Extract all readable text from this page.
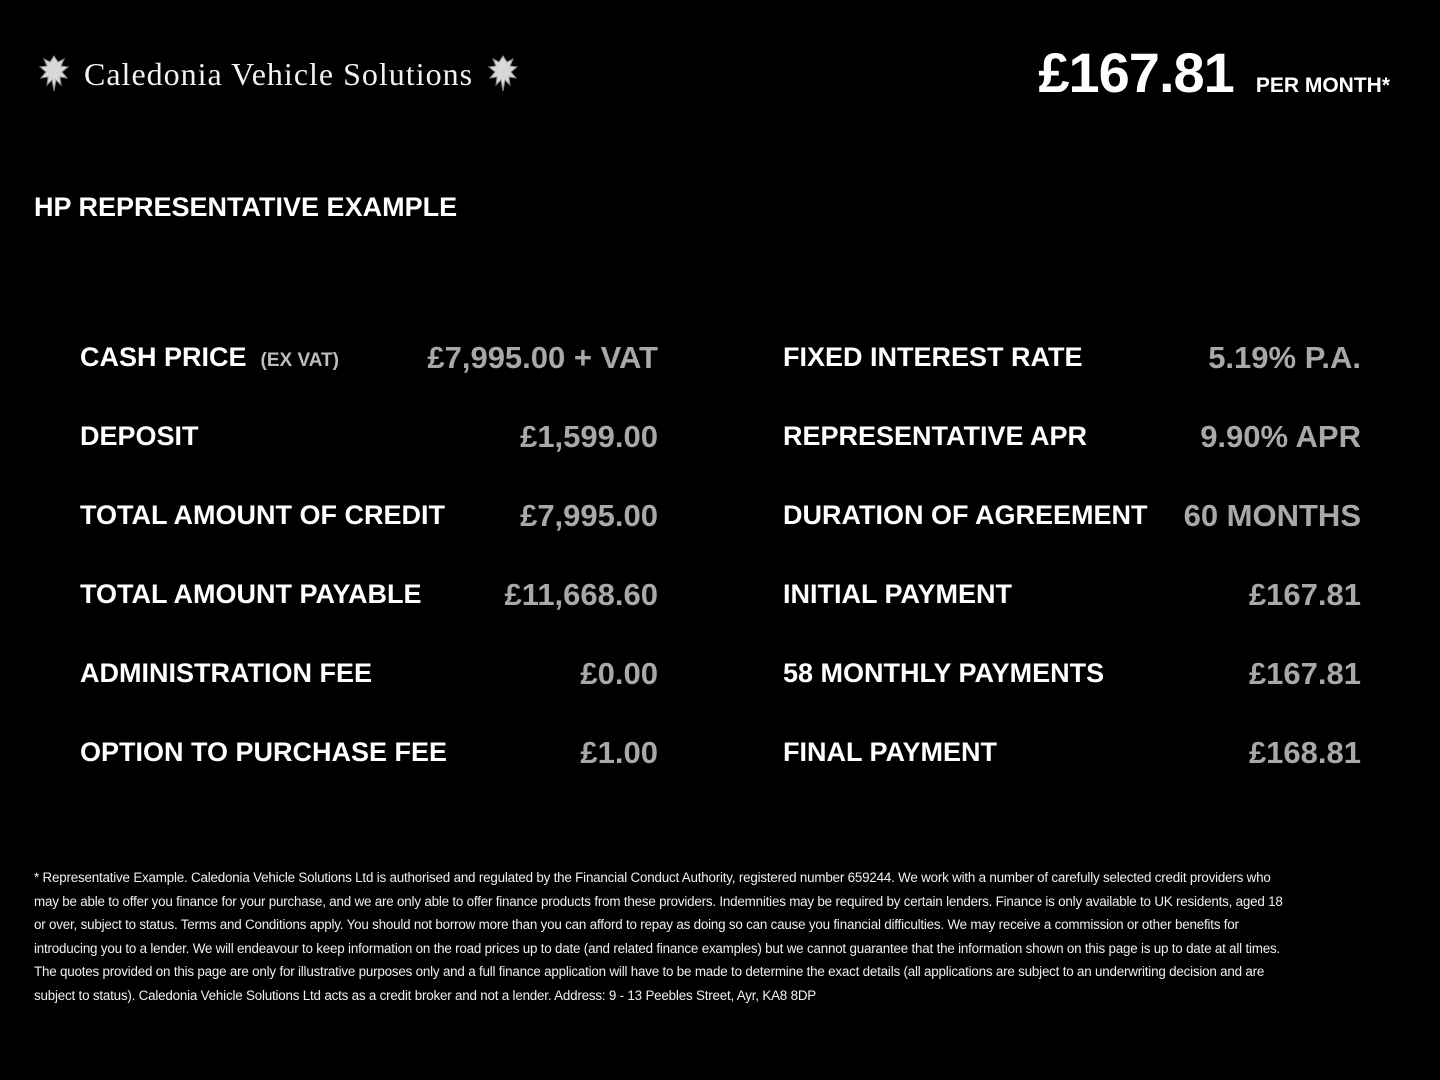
Caledonia Vehicle Solutions	£167.81 PER MONTH*
HP REPRESENTATIVE EXAMPLE
CASH PRICE (EX VAT)	£7,995.00 + VAT
DEPOSIT	£1,599.00
TOTAL AMOUNT OF CREDIT £7,995.00
TOTAL AMOUNT PAYABLE	£11,668.60
ADMINISTRATION FEE	£0.00
OPTION TO PURCHASE FEE	£1.00
FIXED INTEREST RATE	5.19% P.A.
REPRESENTATIVE APR	9.90% APR
DURATION OF AGREEMENT 60 MONTHS
INITIAL PAYMENT	£167.81
58 MONTHLY PAYMENTS	£167.81
FINAL PAYMENT	£168.81
* Representative Example. Caledonia Vehicle Solutions Ltd is authorised and regulated by the Financial Conduct Authority, registered number 659244. We work with a number of carefully selected credit providers who may be able to offer you finance for your purchase, and we are only able to offer finance products from these providers. Indemnities may be required by certain lenders. Finance is only available to UK residents, aged 18 or over, subject to status. Terms and Conditions apply. You should not borrow more than you can afford to repay as doing so can cause you financial difficulties. We may receive a commission or other benefits for introducing you to a lender. We will endeavour to keep information on the road prices up to date (and related finance examples) but we cannot guarantee that the information shown on this page is up to date at all times. The quotes provided on this page are only for illustrative purposes only and a full finance application will have to be made to determine the exact details (all applications are subject to an underwriting decision and are subject to status). Caledonia Vehicle Solutions Ltd acts as a credit broker and not a lender. Address: 9 - 13 Peebles Street, Ayr, KA8 8DP
